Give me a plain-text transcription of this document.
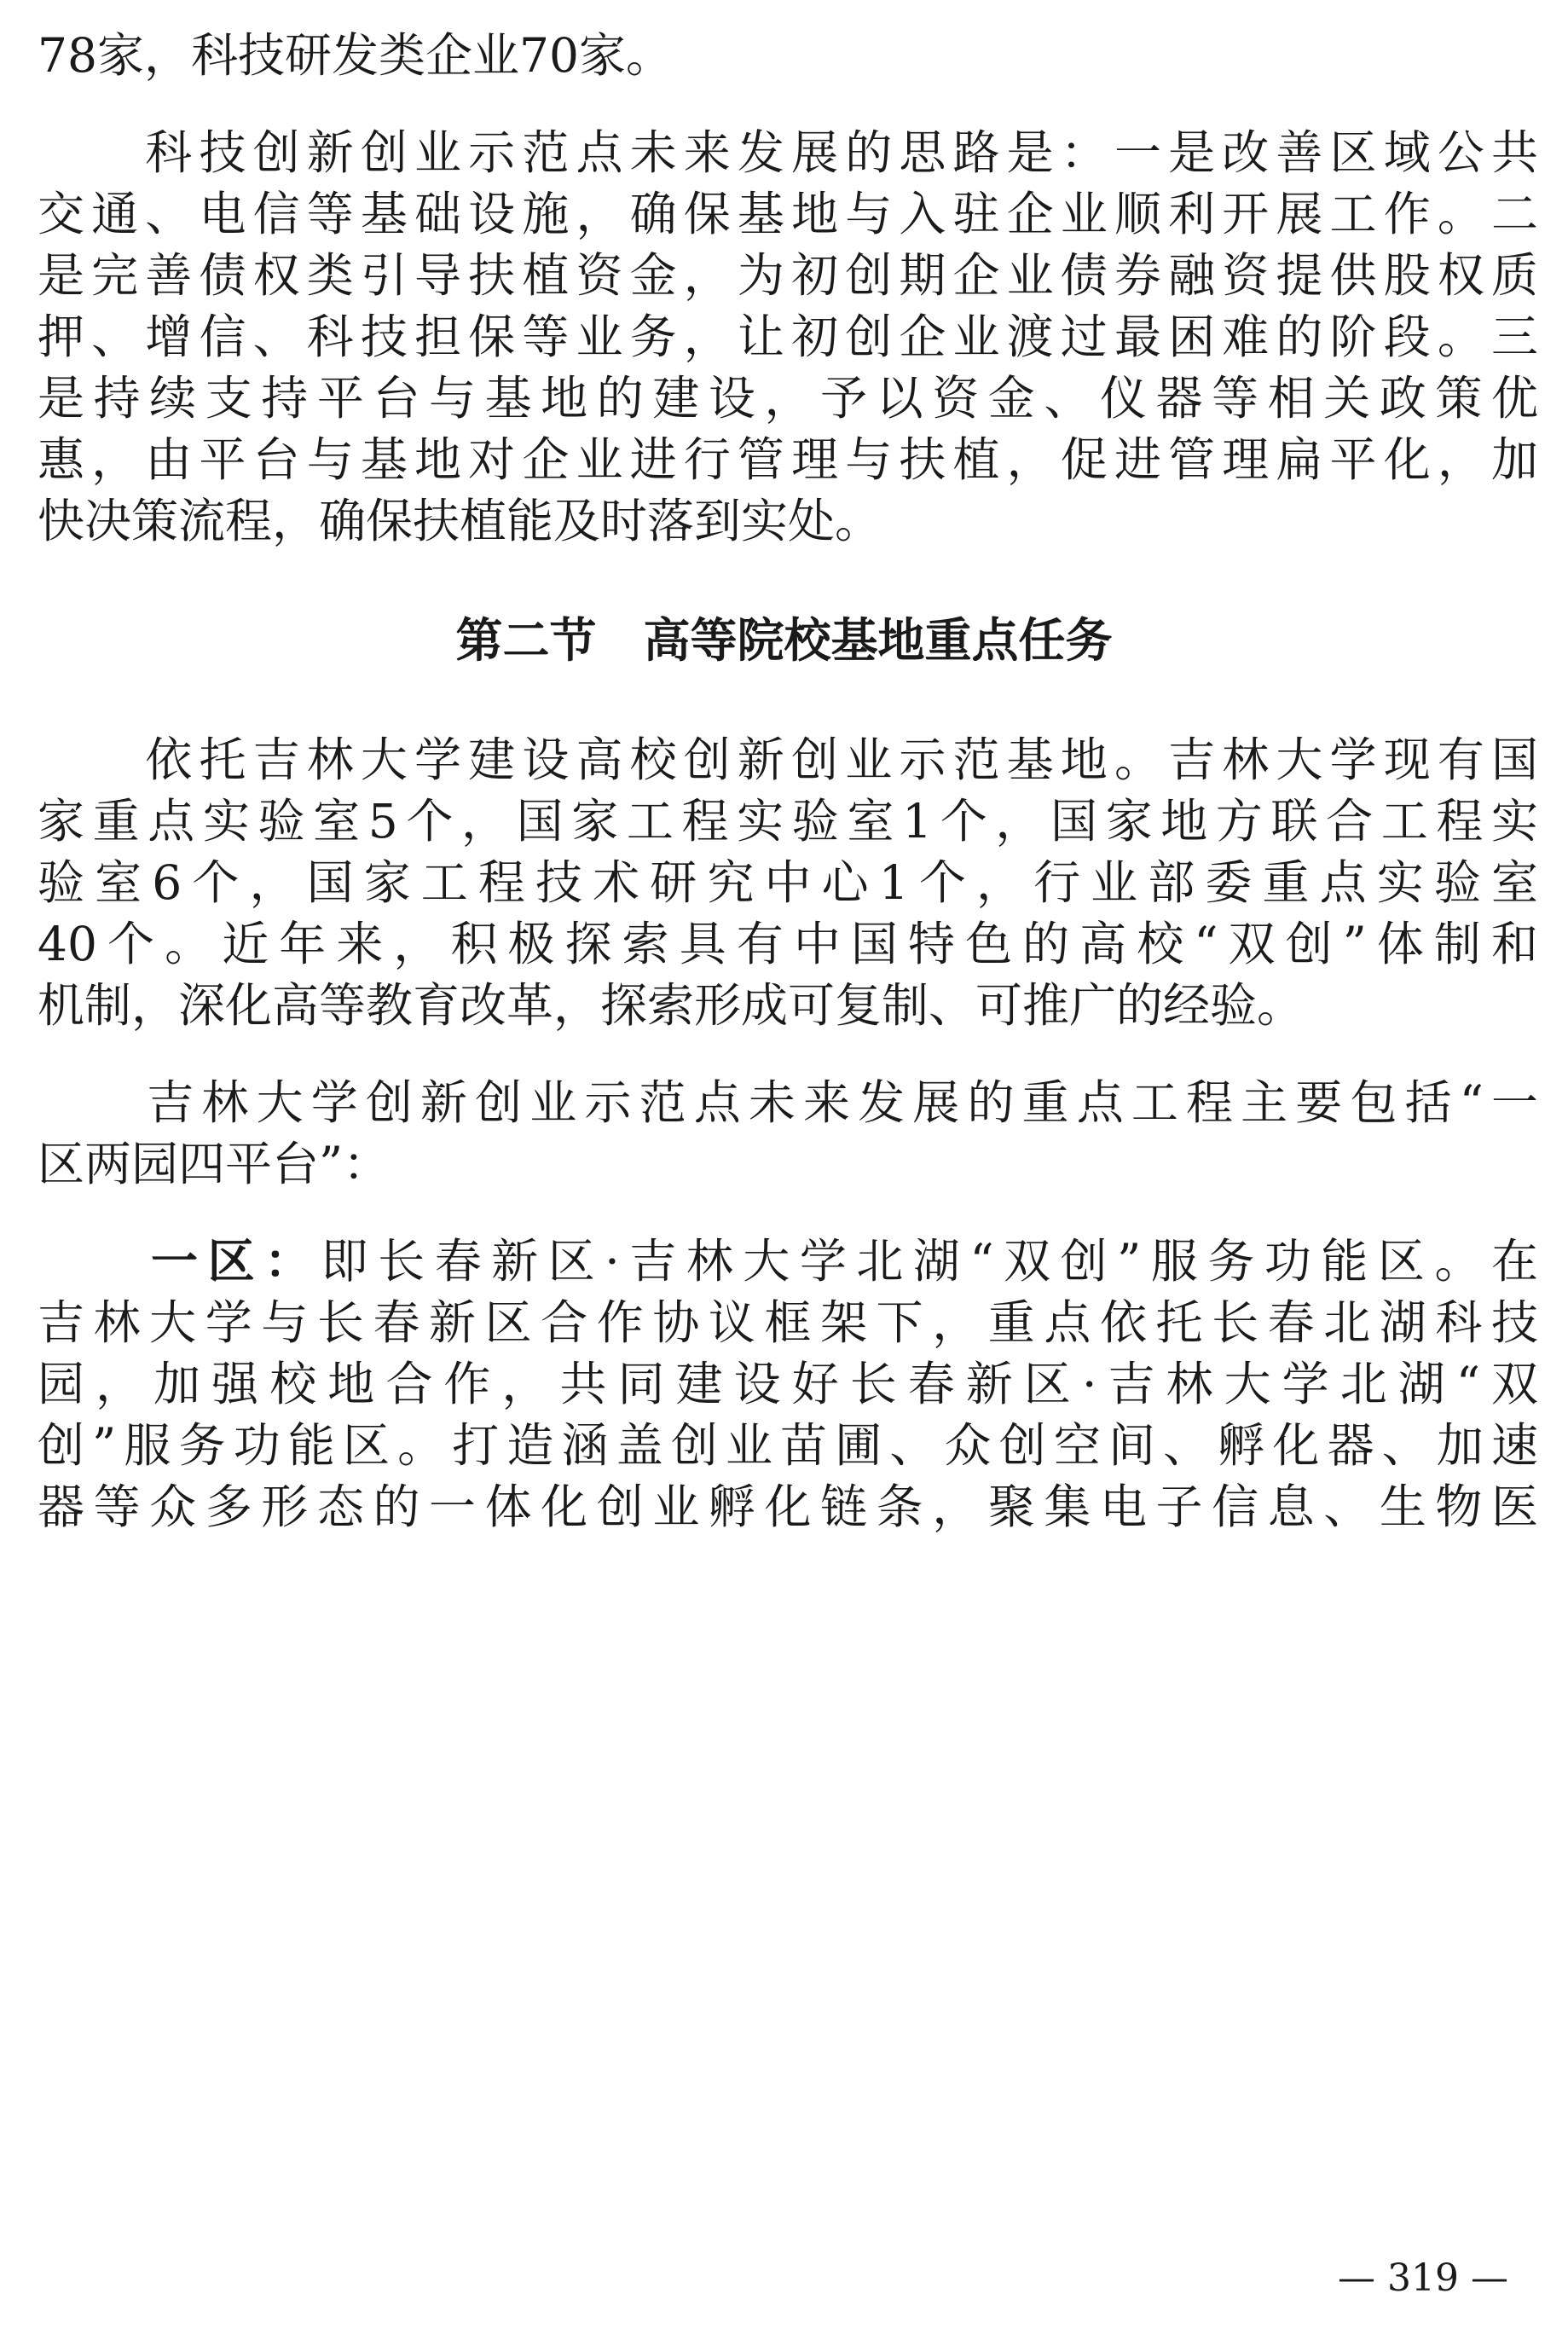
78家，科技研发类企业70家。
　　科技创新创业示范点未来发展的思路是：一是改善区域公共
交通、电信等基础设施，确保基地与入驻企业顺利开展工作。二
是完善债权类引导扶植资金，为初创期企业债券融资提供股权质
押、增信、科技担保等业务，让初创企业渡过最困难的阶段。三
是持续支持平台与基地的建设，予以资金、仪器等相关政策优
惠，由平台与基地对企业进行管理与扶植，促进管理扁平化，加
快决策流程，确保扶植能及时落到实处。
第二节　高等院校基地重点任务
　　依托吉林大学建设高校创新创业示范基地。吉林大学现有国
家重点实验室5个，国家工程实验室1个，国家地方联合工程实
验室6个，国家工程技术研究中心1个，行业部委重点实验室
40个。近年来，积极探索具有中国特色的高校“双创”体制和
机制，深化高等教育改革，探索形成可复制、可推广的经验。
　　吉林大学创新创业示范点未来发展的重点工程主要包括“一
区两园四平台”：
　　一区：即长春新区·吉林大学北湖“双创”服务功能区。在
吉林大学与长春新区合作协议框架下，重点依托长春北湖科技
园，加强校地合作，共同建设好长春新区·吉林大学北湖“双
创”服务功能区。打造涵盖创业苗圃、众创空间、孵化器、加速
器等众多形态的一体化创业孵化链条，聚集电子信息、生物医
— 319 —
